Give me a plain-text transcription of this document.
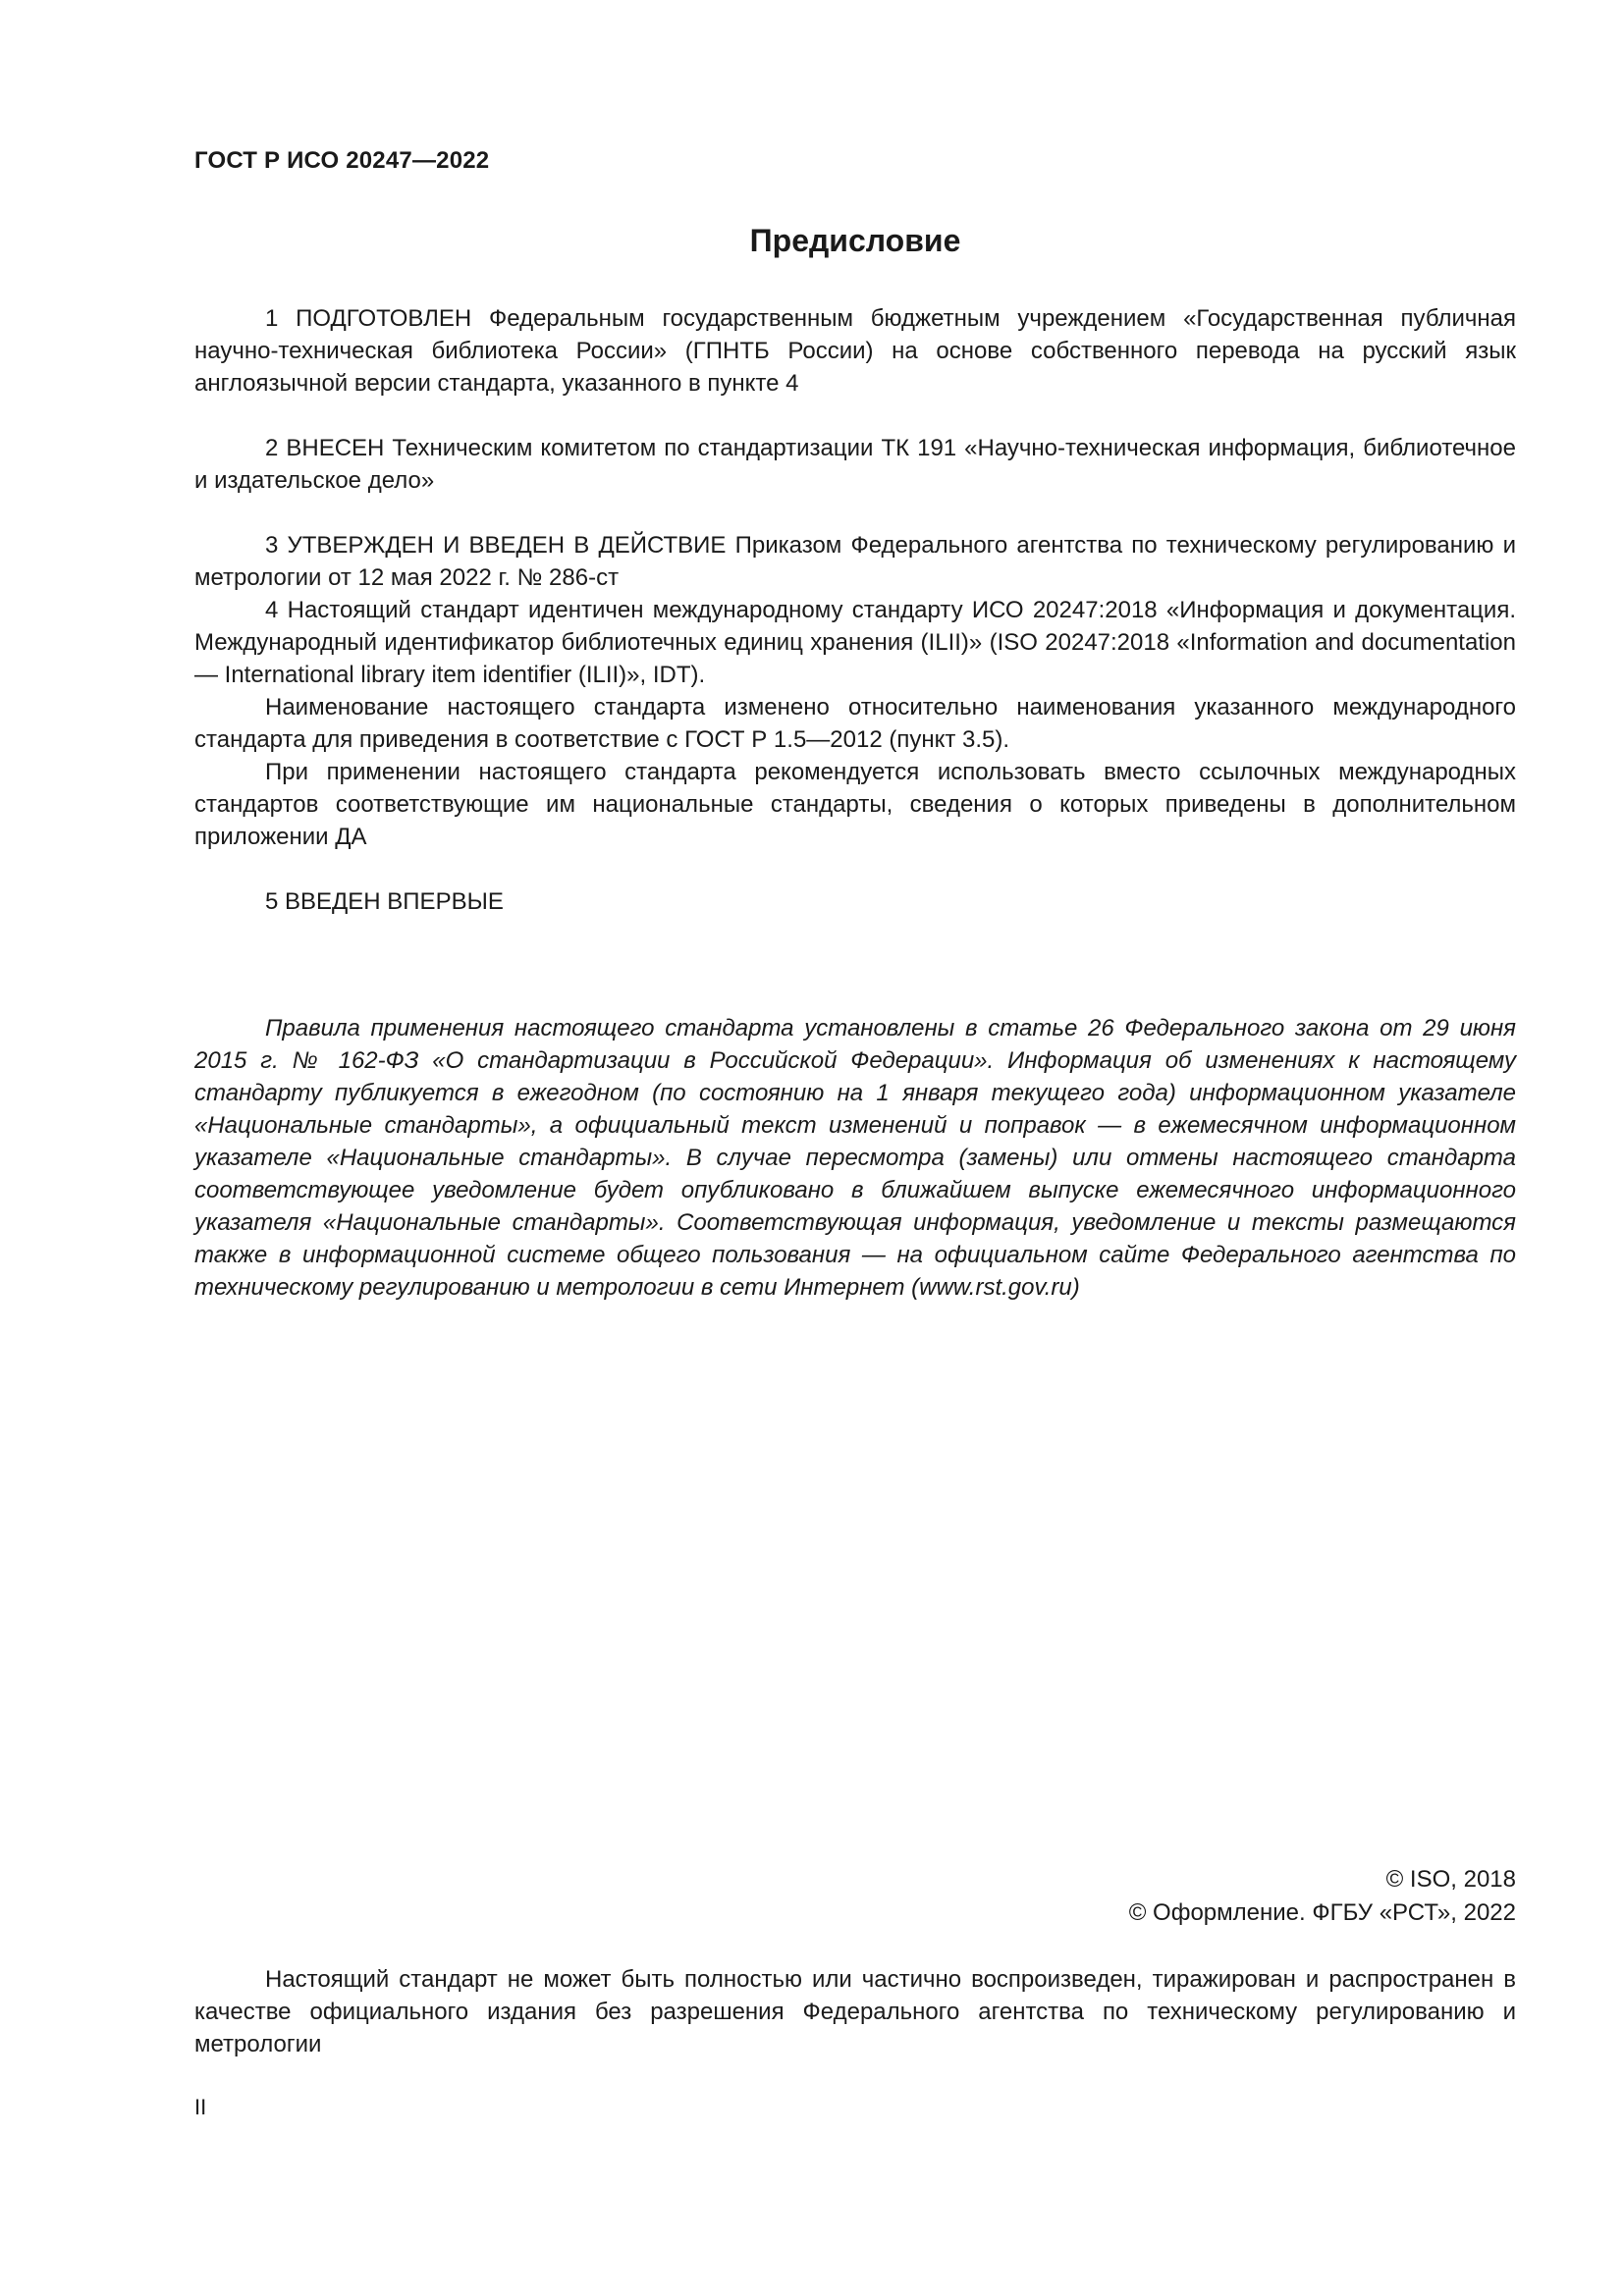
ГОСТ Р ИСО 20247—2022
Предисловие

1 ПОДГОТОВЛЕН Федеральным государственным бюджетным учреждением «Государственная публичная научно-техническая библиотека России» (ГПНТБ России) на основе собственного перевода на русский язык англоязычной версии стандарта, указанного в пункте 4

2 ВНЕСЕН Техническим комитетом по стандартизации ТК 191 «Научно-техническая информация, библиотечное и издательское дело»

3 УТВЕРЖДЕН И ВВЕДЕН В ДЕЙСТВИЕ Приказом Федерального агентства по техническому регулированию и метрологии от 12 мая 2022 г. № 286-ст

4 Настоящий стандарт идентичен международному стандарту ИСО 20247:2018 «Информация и документация. Международный идентификатор библиотечных единиц хранения (ILII)» (ISO 20247:2018 «Information and documentation — International library item identifier (ILII)», IDT).

Наименование настоящего стандарта изменено относительно наименования указанного международного стандарта для приведения в соответствие с ГОСТ Р 1.5—2012 (пункт 3.5).

При применении настоящего стандарта рекомендуется использовать вместо ссылочных международных стандартов соответствующие им национальные стандарты, сведения о которых приведены в дополнительном приложении ДА

5 ВВЕДЕН ВПЕРВЫЕ

Правила применения настоящего стандарта установлены в статье 26 Федерального закона от 29 июня 2015 г. № 162-ФЗ «О стандартизации в Российской Федерации». Информация об изменениях к настоящему стандарту публикуется в ежегодном (по состоянию на 1 января текущего года) информационном указателе «Национальные стандарты», а официальный текст изменений и поправок — в ежемесячном информационном указателе «Национальные стандарты». В случае пересмотра (замены) или отмены настоящего стандарта соответствующее уведомление будет опубликовано в ближайшем выпуске ежемесячного информационного указателя «Национальные стандарты». Соответствующая информация, уведомление и тексты размещаются также в информационной системе общего пользования — на официальном сайте Федерального агентства по техническому регулированию и метрологии в сети Интернет (www.rst.gov.ru)

© ISO, 2018
© Оформление. ФГБУ «РСТ», 2022

Настоящий стандарт не может быть полностью или частично воспроизведен, тиражирован и распространен в качестве официального издания без разрешения Федерального агентства по техническому регулированию и метрологии

II
